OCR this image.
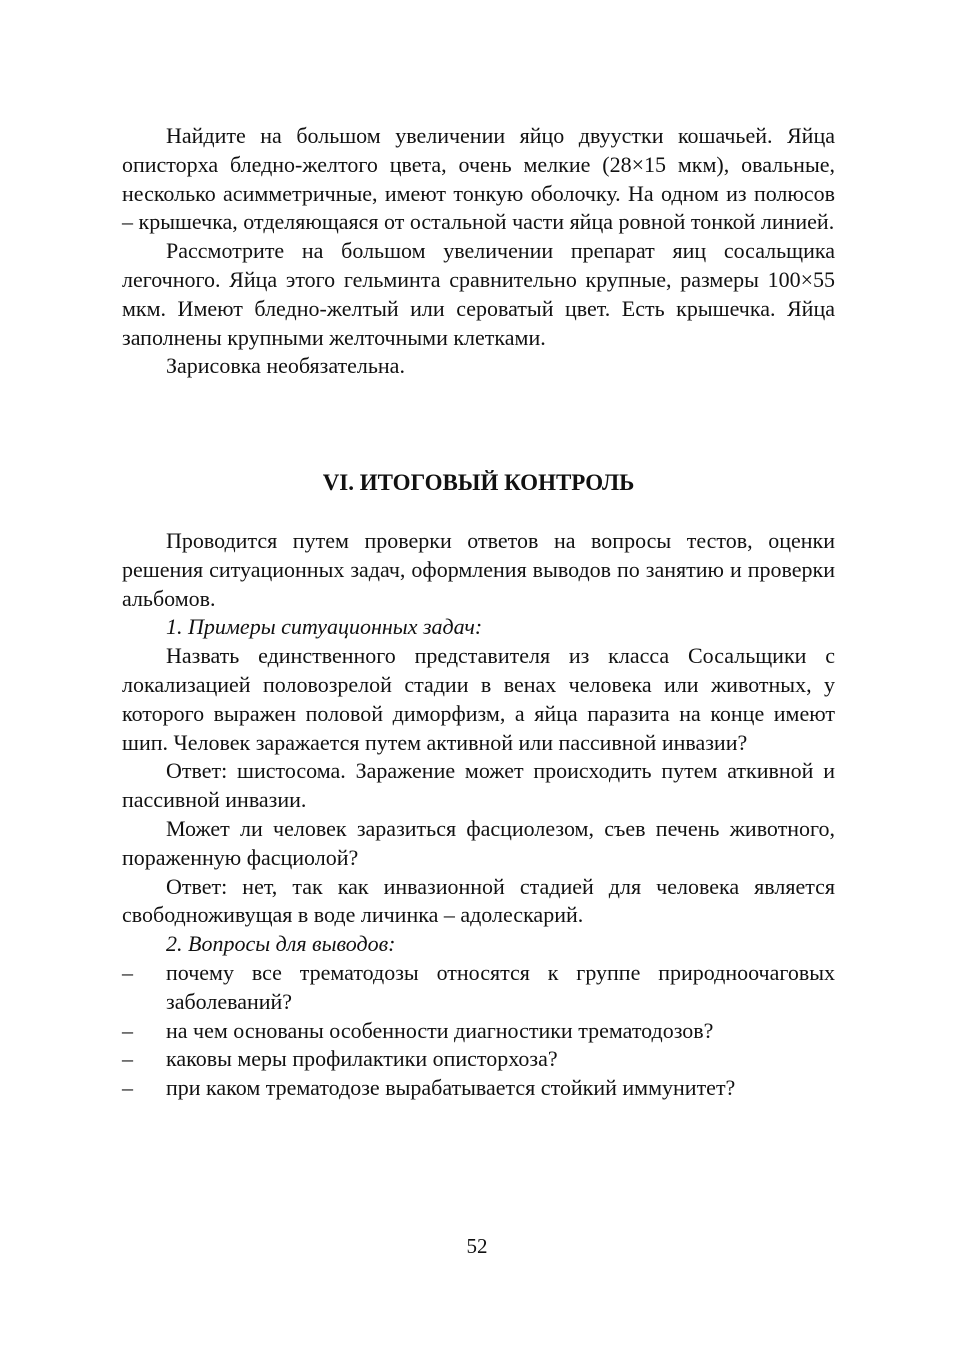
Найдите на большом увеличении яйцо двуустки кошачьей. Яйца описторха бледно-желтого цвета, очень мелкие (28×15 мкм), овальные, несколько асимметричные, имеют тонкую оболочку. На одном из полюсов – крышечка, отделяющаяся от остальной части яйца ровной тонкой линией.

Рассмотрите на большом увеличении препарат яиц сосальщика легочного. Яйца этого гельминта сравнительно крупные, размеры 100×55 мкм. Имеют бледно-желтый или сероватый цвет. Есть крышечка. Яйца заполнены крупными желточными клетками.

Зарисовка необязательна.

VI. ИТОГОВЫЙ КОНТРОЛЬ

Проводится путем проверки ответов на вопросы тестов, оценки решения ситуационных задач, оформления выводов по занятию и проверки альбомов.

1. Примеры ситуационных задач:

Назвать единственного представителя из класса Сосальщики с локализацией половозрелой стадии в венах человека или животных, у которого выражен половой диморфизм, а яйца паразита на конце имеют шип. Человек заражается путем активной или пассивной инвазии?

Ответ: шистосома. Заражение может происходить путем аткивной и пассивной инвазии.

Может ли человек заразиться фасциолезом, съев печень животного, пораженную фасциолой?

Ответ: нет, так как инвазионной стадией для человека является свободноживущая в воде личинка – адолескарий.

2. Вопросы для выводов:

– почему все трематодозы относятся к группе природноочаговых заболеваний?
– на чем основаны особенности диагностики трематодозов?
– каковы меры профилактики описторхоза?
– при каком трематодозе вырабатывается стойкий иммунитет?
52
